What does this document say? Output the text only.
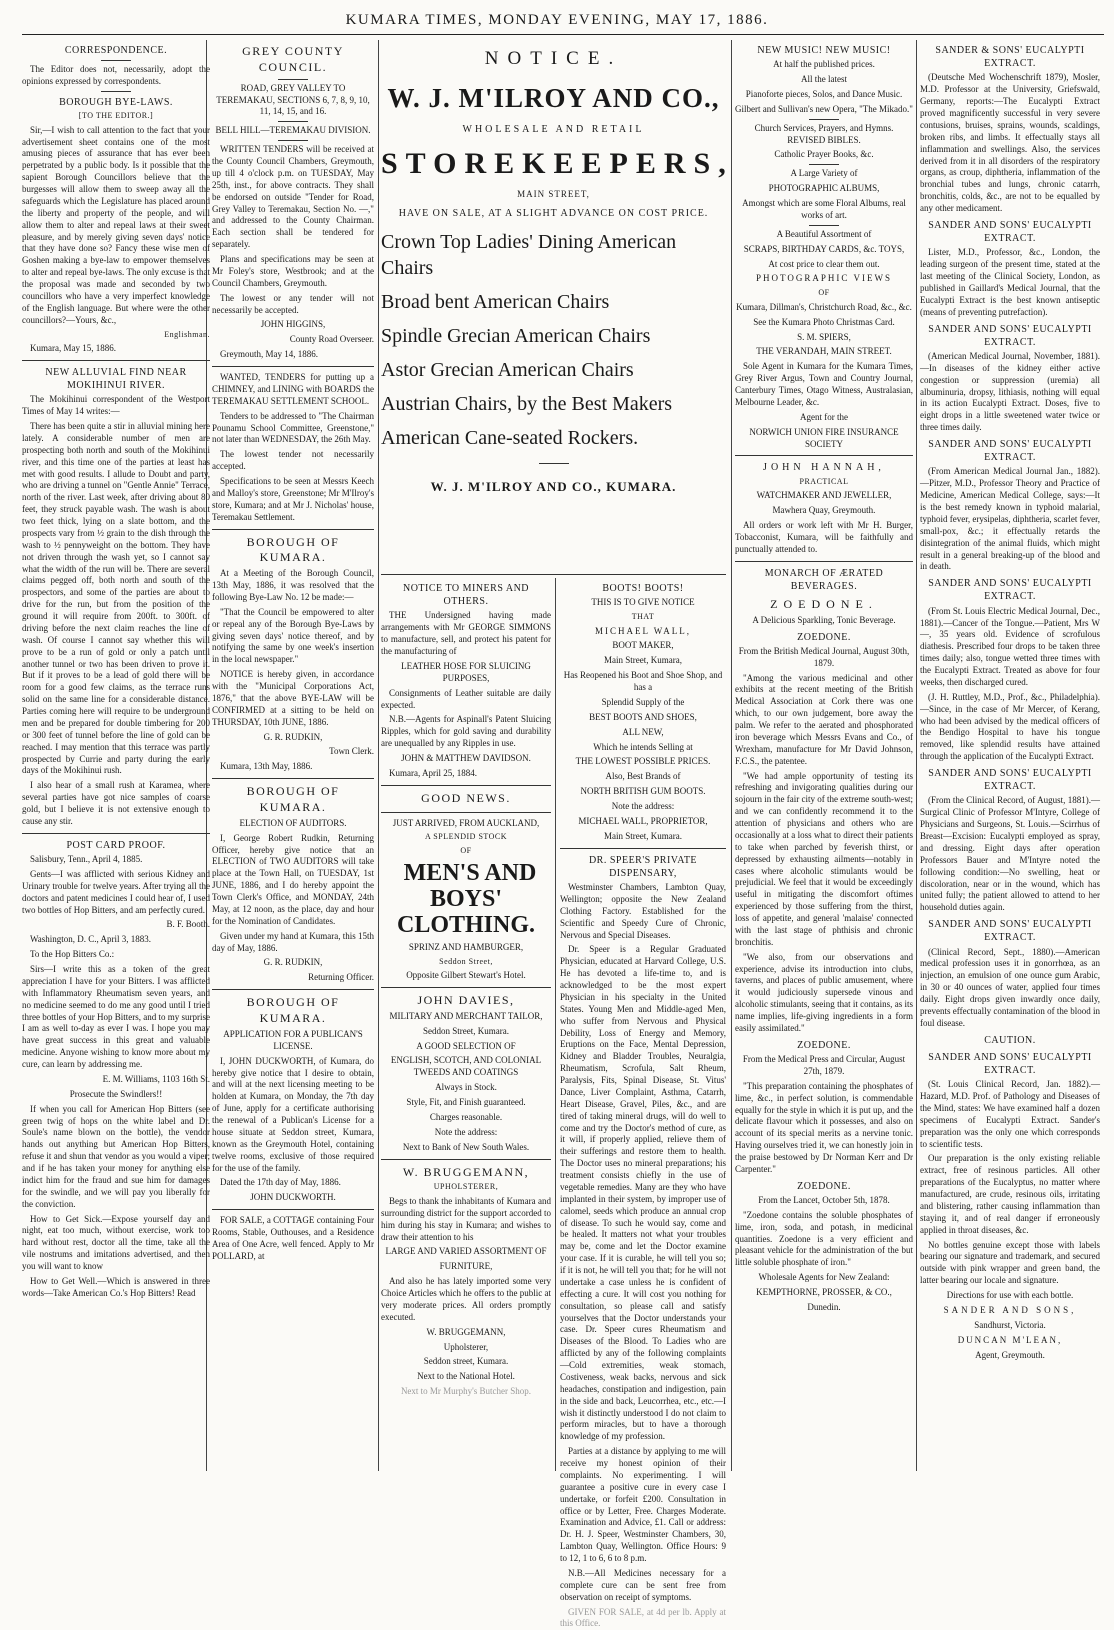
KUMARA TIMES, MONDAY EVENING, MAY 17, 1886.

CORRESPONDENCE.

The Editor does not, necessarily, adopt the opinions expressed by correspondents.

BOROUGH BYE-LAWS.

[TO THE EDITOR.]

Sir,—I wish to call attention to the fact that your advertisement sheet contains one of the most amusing pieces of assurance that has ever been perpetrated by a public body. Is it possible that the sapient Borough Councillors believe that the burgesses will allow them to sweep away all the safeguards which the Legislature has placed around the liberty and property of the people, and will allow them to alter and repeal laws at their sweet pleasure, and by merely giving seven days' notice that they have done so? Fancy these wise men of Goshen making a bye-law to empower themselves to alter and repeal bye-laws. The only excuse is that the proposal was made and seconded by two councillors who have a very imperfect knowledge of the English language. But where were the other councillors?—Yours, &c.,

Englishman.

Kumara, May 15, 1886.

NEW ALLUVIAL FIND NEAR MOKIHINUI RIVER.

The Mokihinui correspondent of the Westport Times of May 14 writes:—

There has been quite a stir in alluvial mining here lately. A considerable number of men are prospecting both north and south of the Mokihinui river, and this time one of the parties at least has met with good results. I allude to Doubt and party, who are driving a tunnel on "Gentle Annie" Terrace, north of the river. Last week, after driving about 80 feet, they struck payable wash. The wash is about two feet thick, lying on a slate bottom, and the prospects vary from ½ grain to the dish through the wash to ½ pennyweight on the bottom. They have not driven through the wash yet, so I cannot say what the width of the run will be. There are several claims pegged off, both north and south of the prospectors, and some of the parties are about to drive for the run, but from the position of the ground it will require from 200ft. to 300ft. of driving before the next claim reaches the line of wash. Of course I cannot say whether this will prove to be a run of gold or only a patch until another tunnel or two has been driven to prove it. But if it proves to be a lead of gold there will be room for a good few claims, as the terrace runs solid on the same line for a considerable distance. Parties coming here will require to be underground men and be prepared for double timbering for 200 or 300 feet of tunnel before the line of gold can be reached. I may mention that this terrace was partly prospected by Currie and party during the early days of the Mokihinui rush.

I also hear of a small rush at Karamea, where several parties have got nice samples of coarse gold, but I believe it is not extensive enough to cause any stir.

POST CARD PROOF.

Salisbury, Tenn., April 4, 1885.

Gents—I was afflicted with serious Kidney and Urinary trouble for twelve years. After trying all the doctors and patent medicines I could hear of, I used two bottles of Hop Bitters, and am perfectly cured.

B. F. Booth.

Washington, D. C., April 3, 1883.

To the Hop Bitters Co.:

Sirs—I write this as a token of the great appreciation I have for your Bitters. I was afflicted with Inflammatory Rheumatism seven years, and no medicine seemed to do me any good until I tried three bottles of your Hop Bitters, and to my surprise I am as well to-day as ever I was. I hope you may have great success in this great and valuable medicine. Anyone wishing to know more about my cure, can learn by addressing me.

E. M. Williams, 1103 16th St.

Prosecute the Swindlers!!

If when you call for American Hop Bitters (see green twig of hops on the white label and Dr. Soule's name blown on the bottle), the vendor hands out anything but American Hop Bitters, refuse it and shun that vendor as you would a viper; and if he has taken your money for anything else indict him for the fraud and sue him for damages for the swindle, and we will pay you liberally for the conviction.

How to Get Sick.—Expose yourself day and night, eat too much, without exercise, work too hard without rest, doctor all the time, take all the vile nostrums and imitations advertised, and then you will want to know

How to Get Well.—Which is answered in three words—Take American Co.'s Hop Bitters! Read

GREY COUNTY COUNCIL.

ROAD, GREY VALLEY TO TEREMAKAU, SECTIONS 6, 7, 8, 9, 10, 11, 14, 15, and 16.

BELL HILL—TEREMAKAU DIVISION.

WRITTEN TENDERS will be received at the County Council Chambers, Greymouth, up till 4 o'clock p.m. on TUESDAY, May 25th, inst., for above contracts. They shall be endorsed on outside "Tender for Road, Grey Valley to Teremakau, Section No. —," and addressed to the County Chairman. Each section shall be tendered for separately.

Plans and specifications may be seen at Mr Foley's store, Westbrook; and at the Council Chambers, Greymouth.

The lowest or any tender will not necessarily be accepted.

JOHN HIGGINS,

County Road Overseer.

Greymouth, May 14, 1886.

WANTED, TENDERS for putting up a CHIMNEY, and LINING with BOARDS the TEREMAKAU SETTLEMENT SCHOOL.

Tenders to be addressed to "The Chairman Pounamu School Committee, Greenstone," not later than WEDNESDAY, the 26th May.

The lowest tender not necessarily accepted.

Specifications to be seen at Messrs Keech and Malloy's store, Greenstone; Mr M'Ilroy's store, Kumara; and at Mr J. Nicholas' house, Teremakau Settlement.

BOROUGH OF KUMARA.

At a Meeting of the Borough Council, 13th May, 1886, it was resolved that the following Bye-Law No. 12 be made:—

"That the Council be empowered to alter or repeal any of the Borough Bye-Laws by giving seven days' notice thereof, and by notifying the same by one week's insertion in the local newspaper."

NOTICE is hereby given, in accordance with the "Municipal Corporations Act, 1876," that the above BYE-LAW will be CONFIRMED at a sitting to be held on THURSDAY, 10th JUNE, 1886.

G. R. RUDKIN,

Town Clerk.

Kumara, 13th May, 1886.

BOROUGH OF KUMARA.

ELECTION OF AUDITORS.

I, George Robert Rudkin, Returning Officer, hereby give notice that an ELECTION of TWO AUDITORS will take place at the Town Hall, on TUESDAY, 1st JUNE, 1886, and I do hereby appoint the Town Clerk's Office, and MONDAY, 24th May, at 12 noon, as the place, day and hour for the Nomination of Candidates.

Given under my hand at Kumara, this 15th day of May, 1886.

G. R. RUDKIN,

Returning Officer.

BOROUGH OF KUMARA.

APPLICATION FOR A PUBLICAN'S LICENSE.

I, JOHN DUCKWORTH, of Kumara, do hereby give notice that I desire to obtain, and will at the next licensing meeting to be holden at Kumara, on Monday, the 7th day of June, apply for a certificate authorising the renewal of a Publican's License for a house situate at Seddon street, Kumara, known as the Greymouth Hotel, containing twelve rooms, exclusive of those required for the use of the family.

Dated the 17th day of May, 1886.

JOHN DUCKWORTH.

FOR SALE, a COTTAGE containing Four Rooms, Stable, Outhouses, and a Residence Area of One Acre, well fenced. Apply to Mr POLLARD, at

NOTICE.
W. J. M'ILROY AND CO.,
WHOLESALE AND RETAIL
STOREKEEPERS,
MAIN STREET,
HAVE ON SALE, AT A SLIGHT ADVANCE ON COST PRICE.
Crown Top Ladies' Dining American Chairs
Broad bent American Chairs
Spindle Grecian American Chairs
Astor Grecian American Chairs
Austrian Chairs, by the Best Makers
American Cane-seated Rockers.
W. J. M'ILROY AND CO., KUMARA.

NOTICE TO MINERS AND OTHERS.

THE Undersigned having made arrangements with Mr GEORGE SIMMONS to manufacture, sell, and protect his patent for the manufacturing of

LEATHER HOSE FOR SLUICING PURPOSES,

Consignments of Leather suitable are daily expected.

N.B.—Agents for Aspinall's Patent Sluicing Ripples, which for gold saving and durability are unequalled by any Ripples in use.

JOHN & MATTHEW DAVIDSON.

Kumara, April 25, 1884.

GOOD NEWS.

JUST ARRIVED, FROM AUCKLAND,

A SPLENDID STOCK

OF

MEN'S AND BOYS' CLOTHING.

SPRINZ AND HAMBURGER,

Seddon Street,

Opposite Gilbert Stewart's Hotel.

JOHN DAVIES,

MILITARY AND MERCHANT TAILOR,

Seddon Street, Kumara.

A GOOD SELECTION OF

ENGLISH, SCOTCH, AND COLONIAL TWEEDS AND COATINGS

Always in Stock.

Style, Fit, and Finish guaranteed.

Charges reasonable.

Note the address:

Next to Bank of New South Wales.

W. BRUGGEMANN,

UPHOLSTERER,

Begs to thank the inhabitants of Kumara and surrounding district for the support accorded to him during his stay in Kumara; and wishes to draw their attention to his

LARGE AND VARIED ASSORTMENT OF

FURNITURE,

And also he has lately imported some very Choice Articles which he offers to the public at very moderate prices. All orders promptly executed.

W. BRUGGEMANN,

Upholsterer,

Seddon street, Kumara.

Next to the National Hotel.

Next to Mr Murphy's Butcher Shop.

BOOTS! BOOTS!

THIS IS TO GIVE NOTICE

THAT

MICHAEL WALL,

BOOT MAKER,

Main Street, Kumara,

Has Reopened his Boot and Shoe Shop, and has a

Splendid Supply of the

BEST BOOTS AND SHOES,

ALL NEW,

Which he intends Selling at

THE LOWEST POSSIBLE PRICES.

Also, Best Brands of

NORTH BRITISH GUM BOOTS.

Note the address:

MICHAEL WALL, PROPRIETOR,

Main Street, Kumara.

DR. SPEER'S PRIVATE DISPENSARY,

Westminster Chambers, Lambton Quay, Wellington; opposite the New Zealand Clothing Factory. Established for the Scientific and Speedy Cure of Chronic, Nervous and Special Diseases.

Dr. Speer is a Regular Graduated Physician, educated at Harvard College, U.S. He has devoted a life-time to, and is acknowledged to be the most expert Physician in his specialty in the United States. Young Men and Middle-aged Men, who suffer from Nervous and Physical Debility, Loss of Energy and Memory, Eruptions on the Face, Mental Depression, Kidney and Bladder Troubles, Neuralgia, Rheumatism, Scrofula, Salt Rheum, Paralysis, Fits, Spinal Disease, St. Vitus' Dance, Liver Complaint, Asthma, Catarrh, Heart Disease, Gravel, Piles, &c., and are tired of taking mineral drugs, will do well to come and try the Doctor's method of cure, as it will, if properly applied, relieve them of their sufferings and restore them to health. The Doctor uses no mineral preparations; his treatment consists chiefly in the use of vegetable remedies. Many are they who have implanted in their system, by improper use of calomel, seeds which produce an annual crop of disease. To such he would say, come and be healed. It matters not what your troubles may be, come and let the Doctor examine your case. If it is curable, he will tell you so; if it is not, he will tell you that; for he will not undertake a case unless he is confident of effecting a cure. It will cost you nothing for consultation, so please call and satisfy yourselves that the Doctor understands your case. Dr. Speer cures Rheumatism and Diseases of the Blood. To Ladies who are afflicted by any of the following complaints—Cold extremities, weak stomach, Costiveness, weak backs, nervous and sick headaches, constipation and indigestion, pain in the side and back, Leucorrhea, etc., etc.—I wish it distinctly understood I do not claim to perform miracles, but to have a thorough knowledge of my profession.

Parties at a distance by applying to me will receive my honest opinion of their complaints. No experimenting. I will guarantee a positive cure in every case I undertake, or forfeit £200. Consultation in office or by Letter, Free. Charges Moderate. Examination and Advice, £1. Call or address: Dr. H. J. Speer, Westminster Chambers, 30, Lambton Quay, Wellington. Office Hours: 9 to 12, 1 to 6, 6 to 8 p.m.

N.B.—All Medicines necessary for a complete cure can be sent free from observation on receipt of symptoms.

GIVEN FOR SALE, at 4d per lb. Apply at this Office.

NEW MUSIC! NEW MUSIC!

At half the published prices.

All the latest

Pianoforte pieces, Solos, and Dance Music.

Gilbert and Sullivan's new Opera, "The Mikado."

Church Services, Prayers, and Hymns. REVISED BIBLES.

Catholic Prayer Books, &c.

A Large Variety of

PHOTOGRAPHIC ALBUMS,

Amongst which are some Floral Albums, real works of art.

A Beautiful Assortment of

SCRAPS, BIRTHDAY CARDS, &c. TOYS,

At cost price to clear them out.

PHOTOGRAPHIC VIEWS

OF

Kumara, Dillman's, Christchurch Road, &c., &c.

See the Kumara Photo Christmas Card.

S. M. SPIERS,

THE VERANDAH, MAIN STREET.

Sole Agent in Kumara for the Kumara Times, Grey River Argus, Town and Country Journal, Canterbury Times, Otago Witness, Australasian, Melbourne Leader, &c.

Agent for the

NORWICH UNION FIRE INSURANCE SOCIETY

JOHN HANNAH,

PRACTICAL

WATCHMAKER AND JEWELLER,

Mawhera Quay, Greymouth.

All orders or work left with Mr H. Burger, Tobacconist, Kumara, will be faithfully and punctually attended to.

MONARCH OF ÆRATED BEVERAGES.

ZOEDONE.

A Delicious Sparkling, Tonic Beverage.

ZOEDONE.

From the British Medical Journal, August 30th, 1879.

"Among the various medicinal and other exhibits at the recent meeting of the British Medical Association at Cork there was one which, to our own judgement, bore away the palm. We refer to the aerated and phosphorated iron beverage which Messrs Evans and Co., of Wrexham, manufacture for Mr David Johnson, F.C.S., the patentee.

"We had ample opportunity of testing its refreshing and invigorating qualities during our sojourn in the fair city of the extreme south-west; and we can confidently recommend it to the attention of physicians and others who are occasionally at a loss what to direct their patients to take when parched by feverish thirst, or depressed by exhausting ailments—notably in cases where alcoholic stimulants would be prejudicial. We feel that it would be exceedingly useful in mitigating the discomfort oftimes experienced by those suffering from the thirst, loss of appetite, and general 'malaise' connected with the last stage of phthisis and chronic bronchitis.

"We also, from our observations and experience, advise its introduction into clubs, taverns, and places of public amusement, where it would judiciously supersede vinous and alcoholic stimulants, seeing that it contains, as its name implies, life-giving ingredients in a form easily assimilated."

ZOEDONE.

From the Medical Press and Circular, August 27th, 1879.

"This preparation containing the phosphates of lime, &c., in perfect solution, is commendable equally for the style in which it is put up, and the delicate flavour which it possesses, and also on account of its special merits as a nervine tonic. Having ourselves tried it, we can honestly join in the praise bestowed by Dr Norman Kerr and Dr Carpenter."

ZOEDONE.

From the Lancet, October 5th, 1878.

"Zoedone contains the soluble phosphates of lime, iron, soda, and potash, in medicinal quantities. Zoedone is a very efficient and pleasant vehicle for the administration of the but little soluble phosphate of iron."

Wholesale Agents for New Zealand:

KEMPTHORNE, PROSSER, & CO.,

Dunedin.

SANDER & SONS' EUCALYPTI EXTRACT.

(Deutsche Med Wochenschrift 1879), Mosler, M.D. Professor at the University, Griefswald, Germany, reports:—The Eucalypti Extract proved magnificently successful in very severe contusions, bruises, sprains, wounds, scaldings, broken ribs, and limbs. It effectually stays all inflammation and swellings. Also, the services derived from it in all disorders of the respiratory organs, as croup, diphtheria, inflammation of the bronchial tubes and lungs, chronic catarrh, bronchitis, colds, &c., are not to be equalled by any other medicament.

SANDER AND SONS' EUCALYPTI EXTRACT.

Lister, M.D., Professor, &c., London, the leading surgeon of the present time, stated at the last meeting of the Clinical Society, London, as published in Gaillard's Medical Journal, that the Eucalypti Extract is the best known antiseptic (means of preventing putrefaction).

SANDER AND SONS' EUCALYPTI EXTRACT.

(American Medical Journal, November, 1881).—In diseases of the kidney either active congestion or suppression (uremia) all albuminuria, dropsy, lithiasis, nothing will equal in its action Eucalypti Extract. Doses, five to eight drops in a little sweetened water twice or three times daily.

SANDER AND SONS' EUCALYPTI EXTRACT.

(From American Medical Journal Jan., 1882).—Pitzer, M.D., Professor Theory and Practice of Medicine, American Medical College, says:—It is the best remedy known in typhoid malarial, typhoid fever, erysipelas, diphtheria, scarlet fever, small-pox, &c.; it effectually retards the disintegration of the animal fluids, which might result in a general breaking-up of the blood and in death.

SANDER AND SONS' EUCALYPTI EXTRACT.

(From St. Louis Electric Medical Journal, Dec., 1881).—Cancer of the Tongue.—Patient, Mrs W—, 35 years old. Evidence of scrofulous diathesis. Prescribed four drops to be taken three times daily; also, tongue wetted three times with the Eucalypti Extract. Treated as above for four weeks, then discharged cured.

(J. H. Ruttley, M.D., Prof., &c., Philadelphia).—Since, in the case of Mr Mercer, of Kerang, who had been advised by the medical officers of the Bendigo Hospital to have his tongue removed, like splendid results have attained through the application of the Eucalypti Extract.

SANDER AND SONS' EUCALYPTI EXTRACT.

(From the Clinical Record, of August, 1881).—Surgical Clinic of Professor M'Intyre, College of Physicians and Surgeons, St. Louis.—Scirrhus of Breast—Excision: Eucalypti employed as spray, and dressing. Eight days after operation Professors Bauer and M'Intyre noted the following condition:—No swelling, heat or discoloration, near or in the wound, which has united fully; the patient allowed to attend to her household duties again.

SANDER AND SONS' EUCALYPTI EXTRACT.

(Clinical Record, Sept., 1880).—American medical profession uses it in gonorrhœa, as an injection, an emulsion of one ounce gum Arabic, in 30 or 40 ounces of water, applied four times daily. Eight drops given inwardly once daily, prevents effectually contamination of the blood in foul disease.

CAUTION.

SANDER AND SONS' EUCALYPTI EXTRACT.

(St. Louis Clinical Record, Jan. 1882).—Hazard, M.D. Prof. of Pathology and Diseases of the Mind, states: We have examined half a dozen specimens of Eucalypti Extract. Sander's preparation was the only one which corresponds to scientific tests.

Our preparation is the only existing reliable extract, free of resinous particles. All other preparations of the Eucalyptus, no matter where manufactured, are crude, resinous oils, irritating and blistering, rather causing inflammation than staying it, and of real danger if erroneously applied in throat diseases, &c.

No bottles genuine except those with labels bearing our signature and trademark, and secured outside with pink wrapper and green band, the latter bearing our locale and signature.

Directions for use with each bottle.

SANDER AND SONS,

Sandhurst, Victoria.

DUNCAN M'LEAN,

Agent, Greymouth.
